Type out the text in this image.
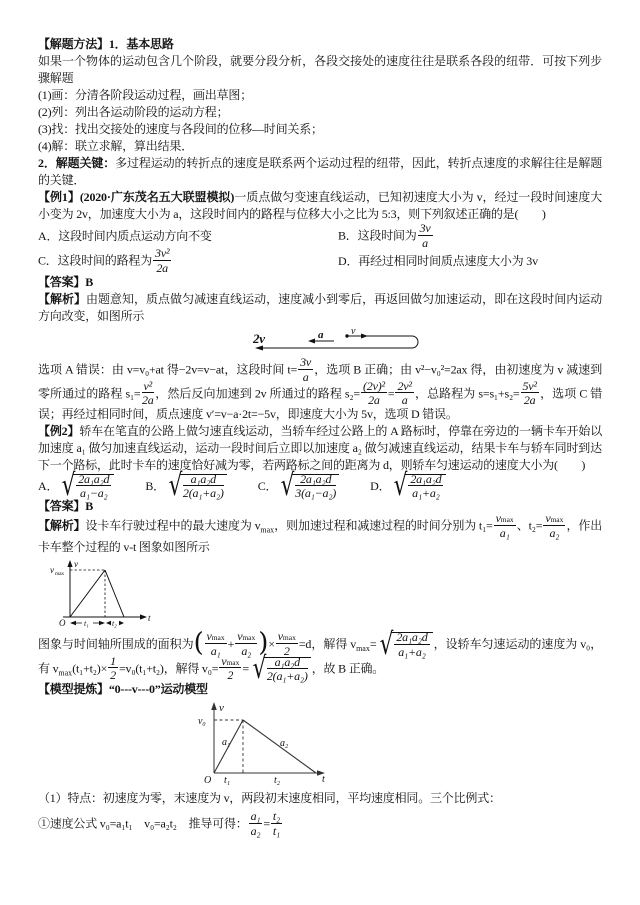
【解题方法】1．基本思路
如果一个物体的运动包含几个阶段，就要分段分析，各段交接处的速度往往是联系各段的纽带．可按下列步骤解题
(1)画：分清各阶段运动过程，画出草图；
(2)列：列出各运动阶段的运动方程；
(3)找：找出交接处的速度与各段间的位移—时间关系；
(4)解：联立求解，算出结果．
2．解题关键：多过程运动的转折点的速度是联系两个运动过程的纽带，因此，转折点速度的求解往往是解题的关键．
【例1】(2020·广东茂名五大联盟模拟)一质点做匀变速直线运动，已知初速度大小为 v，经过一段时间速度大小变为 2v，加速度大小为 a，这段时间内的路程与位移大小之比为 5:3，则下列叙述正确的是(　　)
A．这段时间内质点运动方向不变	B．这段时间为 $\frac{3v}{a}$
C．这段时间的路程为 $\frac{\text{3v²}}{2a}$	D．再经过相同时间质点速度大小为 3v
【答案】B
【解析】由题意知，质点做匀减速直线运动，速度减小到零后，再返回做匀加速运动，即在这段时间内运动方向改变，如图所示
2v	a	v
选项 A 错误：由 v=v₀+at 得−2v=v−at，这段时间 $t= \frac{3v}{a}$ ，选项 B 正确；由 v²−v₀²=2ax 得，由初速度为 v 减速到零所通过的路程 $s_1= \frac{\text{v²}}{2a}$ ，然后反向加速到 2v 所通过的路程 $s_2= \frac{\text{(2v)²}}{2a} = \frac{\text{2v²}}{a}$ ，总路程为 $s=s_1+s_2= \frac{\text{5v²}}{2a}$ ，选项 C 错误；再经过相同时间，质点速度 v′=v−a·2t=−5v，即速度大小为 5v，选项 D 错误。
【例2】轿车在笔直的公路上做匀速直线运动，当轿车经过公路上的 A 路标时，停靠在旁边的一辆卡车开始以加速度 a₁ 做匀加速直线运动，运动一段时间后立即以加速度 a₂ 做匀减速直线运动，结果卡车与轿车同时到达下一个路标，此时卡车的速度恰好减为零，若两路标之间的距离为 d，则轿车匀速运动的速度大小为(　　)
A． √ $\frac{\text{2a₁a₂d}}{\text{a₁−a₂}}$	B． √ $\frac{\text{a₁a₂d}}{\text{2(a₁+a₂)}}$	C． √ $\frac{\text{2a₁a₂d}}{\text{3(a₁−a₂)}}$	D． √ $\frac{\text{2a₁a₂d}}{\text{a₁+a₂}}$
【答案】B
【解析】设卡车行驶过程中的最大速度为 $v_{max}$，则加速过程和减速过程的时间分别为 t₁=
vmax
a₁
、t₂=
vmax
a₂
，作出卡车整个过程的 v-t 图象如图所示
v
v max
t
O t₁	t₂
图象与时间轴所围成的面积为( vmax
a₁
+
vmax
a₂ )×
vmax
2
=d，解得 $v_{max}=$ √ $\frac{\text{2a₁a₂d}}{\text{a₁+a₂}}$ ，设轿车匀速运动的速度为 v₀，有 $v_{max}(t_1+t_2)\times \frac{1}{2} =v_0(t_1+t_2)$，解得 v₀=
vmax
2
= √ $\frac{\text{a₁a₂d}}{\text{2(a₁+a₂)}}$ ，故 B 正确。
【模型提炼】“0---v---0”运动模型
v
v₀
a₁	a₂
t
O t₁	t₂
（1）特点：初速度为零，末速度为 v，两段初末速度相同，平均速度相同。三个比例式：
①速度公式 v₀=a₁t₁　v₀=a₂t₂　推导可得： $\frac{\text{a₁}}{\text{a₂}} = \frac{\text{t₂}}{\text{t₁}}$
